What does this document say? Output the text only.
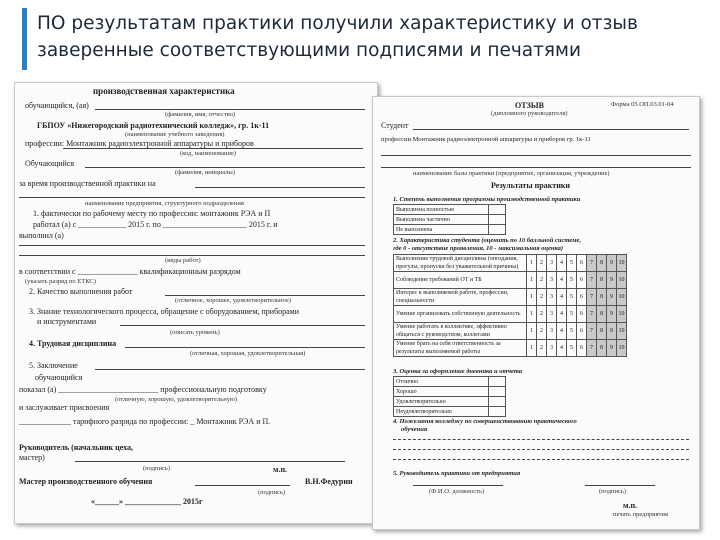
ПО результатам практики получили характеристику и отзыв
заверенные соответствующими подписями и печатями
производственная характеристика
обучающийся, (ая)
(фамилия, имя, отчество)
ГБПОУ «Нижегородский радиотехнический колледж», гр. 1к-11
(наименование учебного заведения)
профессии: Монтажник радиоэлектронной аппаратуры и приборов
(код, наименование)
Обучающийся
(фамилия, инициалы)
за время производственной практики на
наименование предприятия, структурного подразделения
1. фактически по рабочему месту по профессии: монтажник РЭА и П
работал (а) с ____________ 2015 г. по _____________________ 2015 г. и
выполнил (а)
(виды работ)
в соответствии с _______________ квалификационным разрядом
(указать разряд по ЕТКС)
2. Качество выполнения работ
(отличное, хорошее, удовлетворительное)
3. Знание технологического процесса, обращение с оборудованием, приборами
и инструментами
(описать уровень)
4. Трудовая дисциплина
(отличная, хорошая, удовлетворительная)
5. Заключение
обучающийся
показал (а) _________________________ профессиональную подготовку
(отличную, хорошую, удовлетворительную)
и заслуживает присвоения
_____________ тарифного разряда по профессии: _ Монтажник РЭА и П.
Руководитель (начальник цеха,
мастер)
(подпись)	м.п.
Мастер производственного обучения	В.Н.Федурин
(подпись)
«______» ______________ 2015г
Форма 05.ОП.03.01-04
ОТЗЫВ
(дипломного руководителя)
Студент
профессии Монтажник радиоэлектронной аппаратуры и приборов гр. 1к-11
наименование базы практики (предприятие, организация, учреждение)
Результаты практики
1. Степень выполнения программы производственной практики
Выполнена полностью	
Выполнена частично	
Не выполнена	
2. Характеристика студента (оценить по 10 балльной системе,
где 0 - отсутствие проявления, 10 - максимальная оценка)
Выполнение трудовой дисциплины (опоздания, прогулы, пропуски без уважительной причины)	1	2	3	4	5	6	7	8	9	10
Соблюдение требований ОТ и ТБ	1	2	3	4	5	6	7	8	9	10
Интерес к выполняемой работе, профессии, специальности	1	2	3	4	5	6	7	8	9	10
Умение организовать собственную деятельность	1	2	3	4	5	6	7	8	9	10
Умение работать в коллективе, эффективно общаться с руководством, коллегами	1	2	3	4	5	6	7	8	9	10
Умение брать на себя ответственность за результаты выполняемой работы	1	2	3	4	5	6	7	8	9	10
3. Оценка за оформление дневника и отчета
Отлично	
Хорошо	
Удовлетворительно	
Неудовлетворительно	
4. Пожелания колледжу по совершенствованию практического
обучения
5. Руководитель практики от предприятия
(Ф.И.О. должность)	(подпись)
м.п.
печать предприятия
